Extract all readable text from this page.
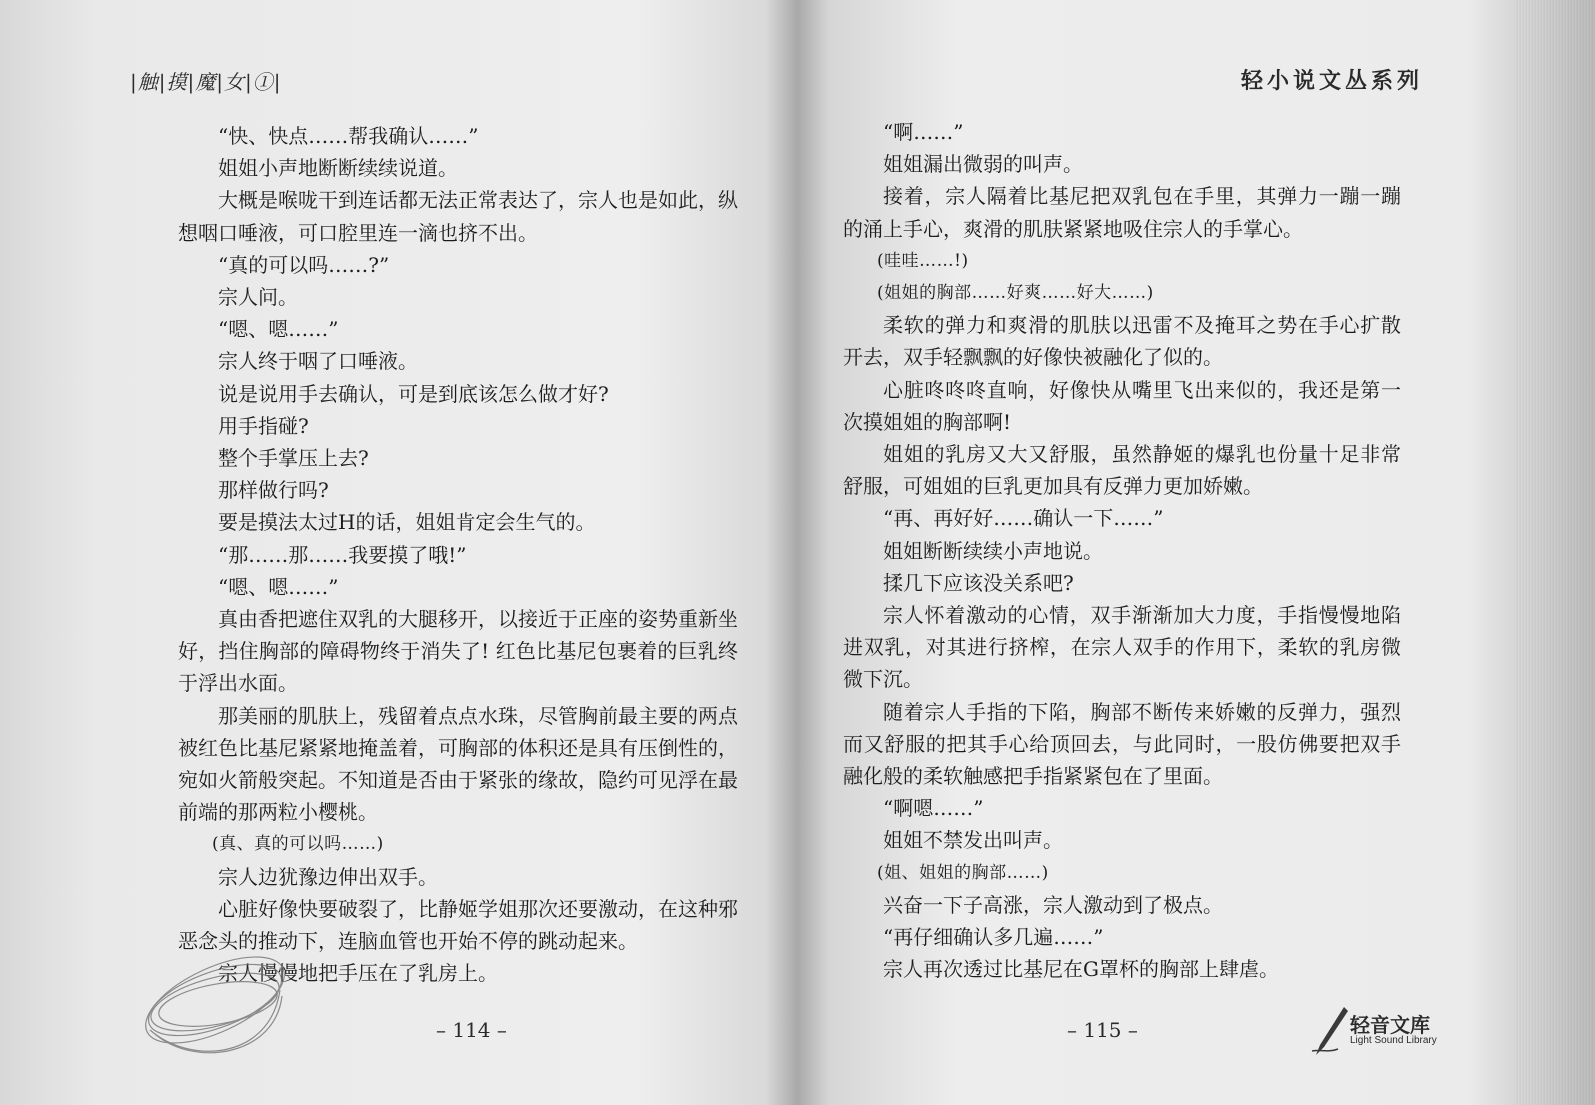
|触|摸|魔|女|①|

“快、快点……帮我确认……”

姐姐小声地断断续续说道。

大概是喉咙干到连话都无法正常表达了，宗人也是如此，纵想咽口唾液，可口腔里连一滴也挤不出。

“真的可以吗……?”

宗人问。

“嗯、嗯……”

宗人终于咽了口唾液。

说是说用手去确认，可是到底该怎么做才好?

用手指碰?

整个手掌压上去?

那样做行吗?

要是摸法太过H的话，姐姐肯定会生气的。

“那……那……我要摸了哦!”

“嗯、嗯……”

真由香把遮住双乳的大腿移开，以接近于正座的姿势重新坐好，挡住胸部的障碍物终于消失了! 红色比基尼包裹着的巨乳终于浮出水面。

那美丽的肌肤上，残留着点点水珠，尽管胸前最主要的两点被红色比基尼紧紧地掩盖着，可胸部的体积还是具有压倒性的，宛如火箭般突起。不知道是否由于紧张的缘故，隐约可见浮在最前端的那两粒小樱桃。

(真、真的可以吗……)

宗人边犹豫边伸出双手。

心脏好像快要破裂了，比静姬学姐那次还要激动，在这种邪恶念头的推动下，连脑血管也开始不停的跳动起来。

宗人慢慢地把手压在了乳房上。

– 114 –
轻小说文丛系列

“啊……”

姐姐漏出微弱的叫声。

接着，宗人隔着比基尼把双乳包在手里，其弹力一蹦一蹦的涌上手心，爽滑的肌肤紧紧地吸住宗人的手掌心。

(哇哇……!)

(姐姐的胸部……好爽……好大……)

柔软的弹力和爽滑的肌肤以迅雷不及掩耳之势在手心扩散开去，双手轻飘飘的好像快被融化了似的。

心脏咚咚咚直响，好像快从嘴里飞出来似的，我还是第一次摸姐姐的胸部啊!

姐姐的乳房又大又舒服，虽然静姬的爆乳也份量十足非常舒服，可姐姐的巨乳更加具有反弹力更加娇嫩。

“再、再好好……确认一下……”

姐姐断断续续小声地说。

揉几下应该没关系吧?

宗人怀着激动的心情，双手渐渐加大力度，手指慢慢地陷进双乳，对其进行挤榨，在宗人双手的作用下，柔软的乳房微微下沉。

随着宗人手指的下陷，胸部不断传来娇嫩的反弹力，强烈而又舒服的把其手心给顶回去，与此同时，一股仿佛要把双手融化般的柔软触感把手指紧紧包在了里面。

“啊嗯……”

姐姐不禁发出叫声。

(姐、姐姐的胸部……)

兴奋一下子高涨，宗人激动到了极点。

“再仔细确认多几遍……”

宗人再次透过比基尼在G罩杯的胸部上肆虐。

– 115 –	轻音文库
Light Sound Library
